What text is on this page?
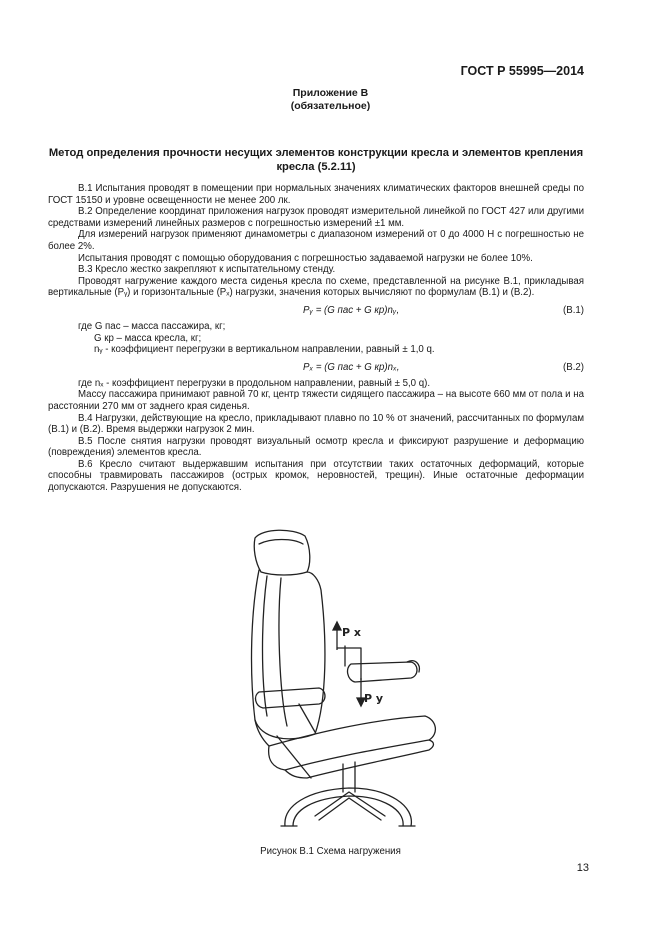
ГОСТ Р 55995—2014
Приложение В
(обязательное)
Метод определения прочности несущих элементов конструкции кресла и элементов крепления кресла (5.2.11)

В.1 Испытания проводят в помещении при нормальных значениях климатических факторов внешней среды по ГОСТ 15150 и уровне освещенности не менее 200 лк.

В.2 Определение координат приложения нагрузок проводят измерительной линейкой по ГОСТ 427 или другими средствами измерений линейных размеров с погрешностью измерений ±1 мм.

Для измерений нагрузок применяют динамометры с диапазоном измерений от 0 до 4000 Н с погрешностью не более 2%.

Испытания проводят с помощью оборудования с погрешностью задаваемой нагрузки не более 10%.

В.3 Кресло жестко закрепляют к испытательному стенду.

Проводят нагружение каждого места сиденья кресла по схеме, представленной на рисунке В.1, прикладывая вертикальные (Pᵧ) и горизонтальные (Pₓ) нагрузки, значения которых вычисляют по формулам (В.1) и (В.2).

Pᵧ = (G пас + G кр)nᵧ,	(В.1)

где G пас – масса пассажира, кг;

G кр – масса кресла, кг;

nᵧ - коэффициент перегрузки в вертикальном направлении, равный ± 1,0 q.

Pₓ = (G пас + G кр)nₓ,	(В.2)

где nₓ - коэффициент перегрузки в продольном направлении, равный ± 5,0 q).

Массу пассажира принимают равной 70 кг, центр тяжести сидящего пассажира – на высоте 660 мм от пола и на расстоянии 270 мм от заднего края сиденья.

В.4 Нагрузки, действующие на кресло, прикладывают плавно по 10 % от значений, рассчитанных по формулам (В.1) и (В.2). Время выдержки нагрузок 2 мин.

В.5 После снятия нагрузки проводят визуальный осмотр кресла и фиксируют разрушение и деформацию (повреждения) элементов кресла.

В.6 Кресло считают выдержавшим испытания при отсутствии таких остаточных деформаций, которые способны травмировать пассажиров (острых кромок, неровностей, трещин). Иные остаточные деформации допускаются. Разрушения не допускаются.

P x
P y
Рисунок В.1 Схема нагружения
13
